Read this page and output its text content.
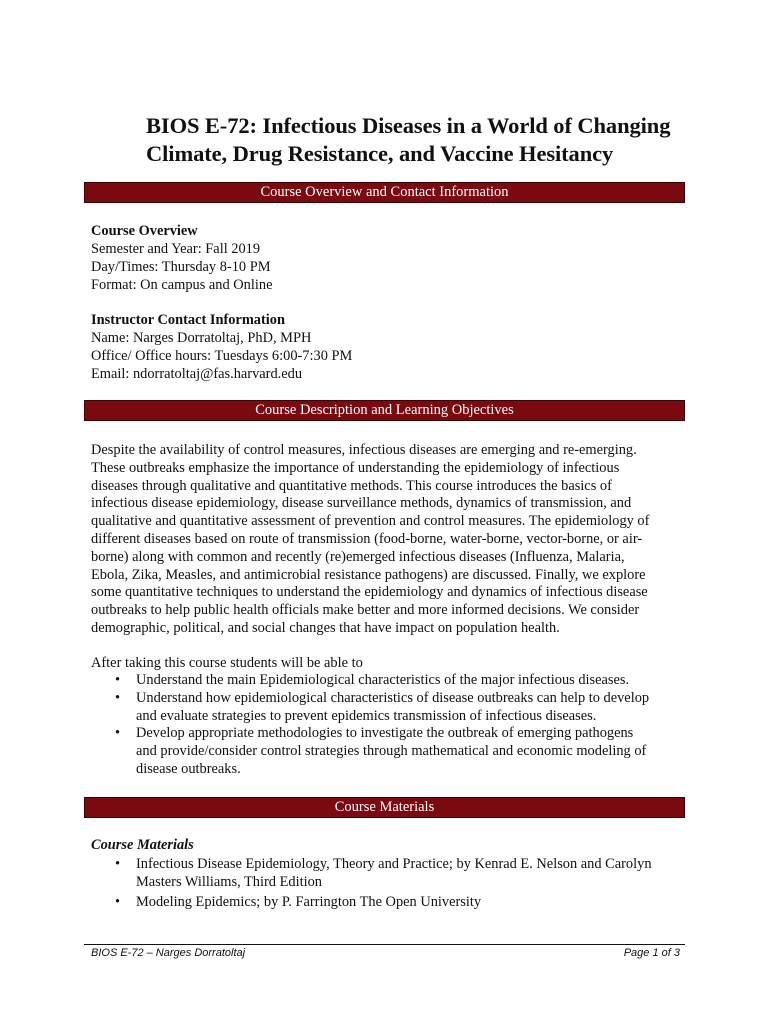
BIOS E-72: Infectious Diseases in a World of Changing
Climate, Drug Resistance, and Vaccine Hesitancy
Course Overview and Contact Information
Course Overview
Semester and Year: Fall 2019
Day/Times: Thursday 8-10 PM
Format: On campus and Online
Instructor Contact Information
Name: Narges Dorratoltaj, PhD, MPH
Office/ Office hours: Tuesdays 6:00-7:30 PM
Email: ndorratoltaj@fas.harvard.edu
Course Description and Learning Objectives
Despite the availability of control measures, infectious diseases are emerging and re-emerging.
These outbreaks emphasize the importance of understanding the epidemiology of infectious
diseases through qualitative and quantitative methods. This course introduces the basics of
infectious disease epidemiology, disease surveillance methods, dynamics of transmission, and
qualitative and quantitative assessment of prevention and control measures. The epidemiology of
different diseases based on route of transmission (food-borne, water-borne, vector-borne, or air-
borne) along with common and recently (re)emerged infectious diseases (Influenza, Malaria,
Ebola, Zika, Measles, and antimicrobial resistance pathogens) are discussed. Finally, we explore
some quantitative techniques to understand the epidemiology and dynamics of infectious disease
outbreaks to help public health officials make better and more informed decisions. We consider
demographic, political, and social changes that have impact on population health.
After taking this course students will be able to
• Understand the main Epidemiological characteristics of the major infectious diseases.
• Understand how epidemiological characteristics of disease outbreaks can help to develop
and evaluate strategies to prevent epidemics transmission of infectious diseases.
• Develop appropriate methodologies to investigate the outbreak of emerging pathogens
and provide/consider control strategies through mathematical and economic modeling of
disease outbreaks.
Course Materials
Course Materials
• Infectious Disease Epidemiology, Theory and Practice; by Kenrad E. Nelson and Carolyn
Masters Williams, Third Edition
• Modeling Epidemics; by P. Farrington The Open University
BIOS E-72 – Narges Dorratoltaj	Page 1 of 3
